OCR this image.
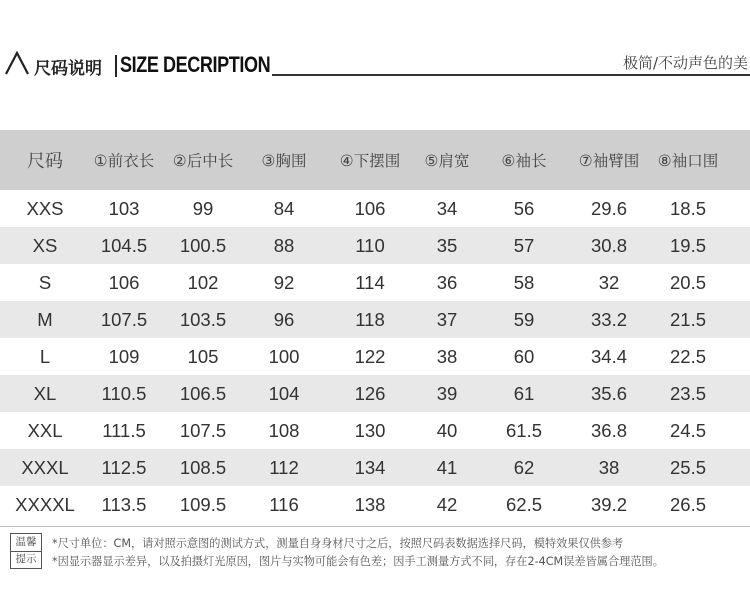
尺码说明 SIZE DECRIPTION	极简/不动声色的美
尺码 ①前衣长 ②后中长 ③胸围 ④下摆围 ⑤肩宽 ⑥袖长 ⑦袖臂围 ⑧袖口围
XXS 103	99	84	106	34	56	29.6 18.5
XS 104.5 100.5	88	110	35	57	30.8 19.5
S	106	102	92	114	36	58	32	20.5
M	107.5 103.5	96	118	37	59	33.2 21.5
L	109	105	100	122	38	60	34.4 22.5
XL 110.5 106.5 104	126	39	61	35.6 23.5
XXL 111.5 107.5 108	130	40	61.5	36.8 24.5
XXXL 112.5 108.5 112	134	41	62	38	25.5
XXXXL 113.5 109.5 116	138	42	62.5	39.2 26.5
温馨
提示
*尺寸单位：CM，请对照示意图的测试方式，测量自身身材尺寸之后，按照尺码表数据选择尺码，模特效果仅供参考
*因显示器显示差异，以及拍摄灯光原因，图片与实物可能会有色差；因手工测量方式不同，存在2-4CM误差皆属合理范围。
